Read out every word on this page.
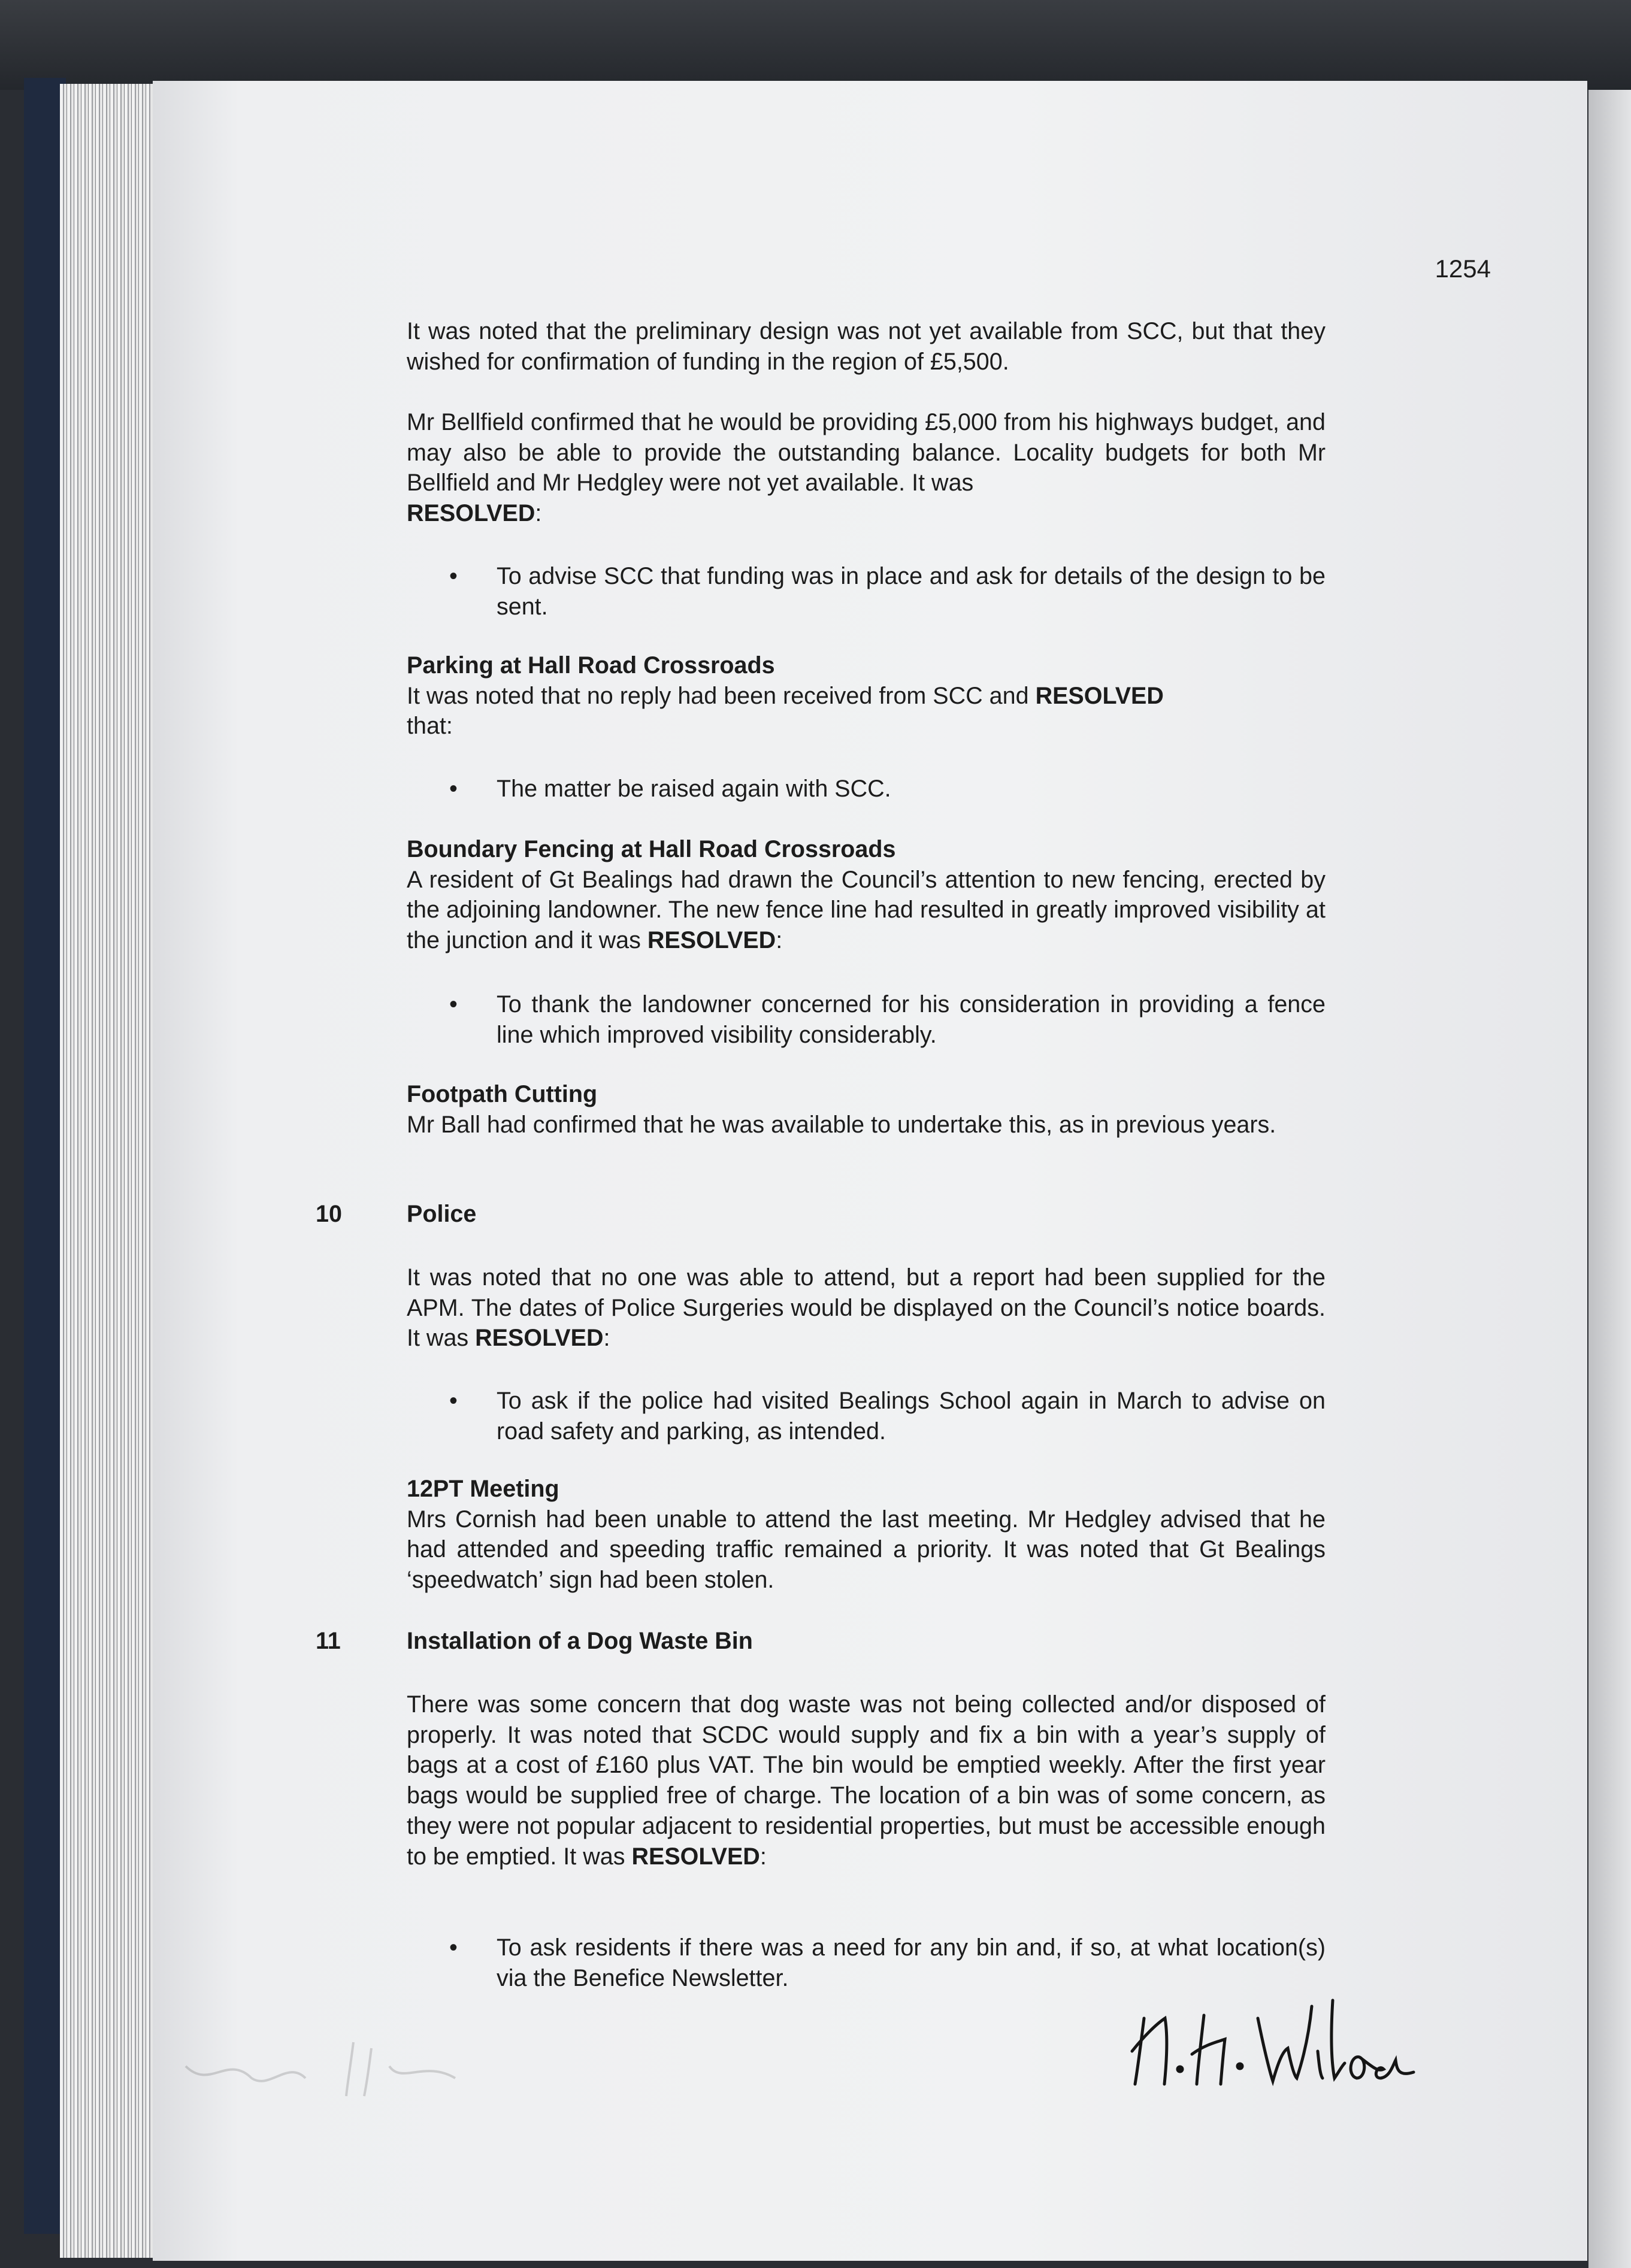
1254

It was noted that the preliminary design was not yet available from SCC, but that they wished for confirmation of funding in the region of £5,500.

Mr Bellfield confirmed that he would be providing £5,000 from his highways budget, and may also be able to provide the outstanding balance. Locality budgets for both Mr Bellfield and Mr Hedgley were not yet available. It was
RESOLVED:

• To advise SCC that funding was in place and ask for details of the design to be sent.
Parking at Hall Road Crossroads

It was noted that no reply had been received from SCC and RESOLVED
that:

• The matter be raised again with SCC.
Boundary Fencing at Hall Road Crossroads

A resident of Gt Bealings had drawn the Council’s attention to new fencing, erected by the adjoining landowner. The new fence line had resulted in greatly improved visibility at the junction and it was RESOLVED:

• To thank the landowner concerned for his consideration in providing a fence line which improved visibility considerably.
Footpath Cutting

Mr Ball had confirmed that he was available to undertake this, as in previous years.

10	Police

It was noted that no one was able to attend, but a report had been supplied for the APM. The dates of Police Surgeries would be displayed on the Council’s notice boards. It was RESOLVED:

• To ask if the police had visited Bealings School again in March to advise on road safety and parking, as intended.
12PT Meeting

Mrs Cornish had been unable to attend the last meeting. Mr Hedgley advised that he had attended and speeding traffic remained a priority. It was noted that Gt Bealings ‘speedwatch’ sign had been stolen.

11	Installation of a Dog Waste Bin

There was some concern that dog waste was not being collected and/or disposed of properly. It was noted that SCDC would supply and fix a bin with a year’s supply of bags at a cost of £160 plus VAT. The bin would be emptied weekly. After the first year bags would be supplied free of charge. The location of a bin was of some concern, as they were not popular adjacent to residential properties, but must be accessible enough to be emptied. It was RESOLVED:

• To ask residents if there was a need for any bin and, if so, at what location(s) via the Benefice Newsletter.
